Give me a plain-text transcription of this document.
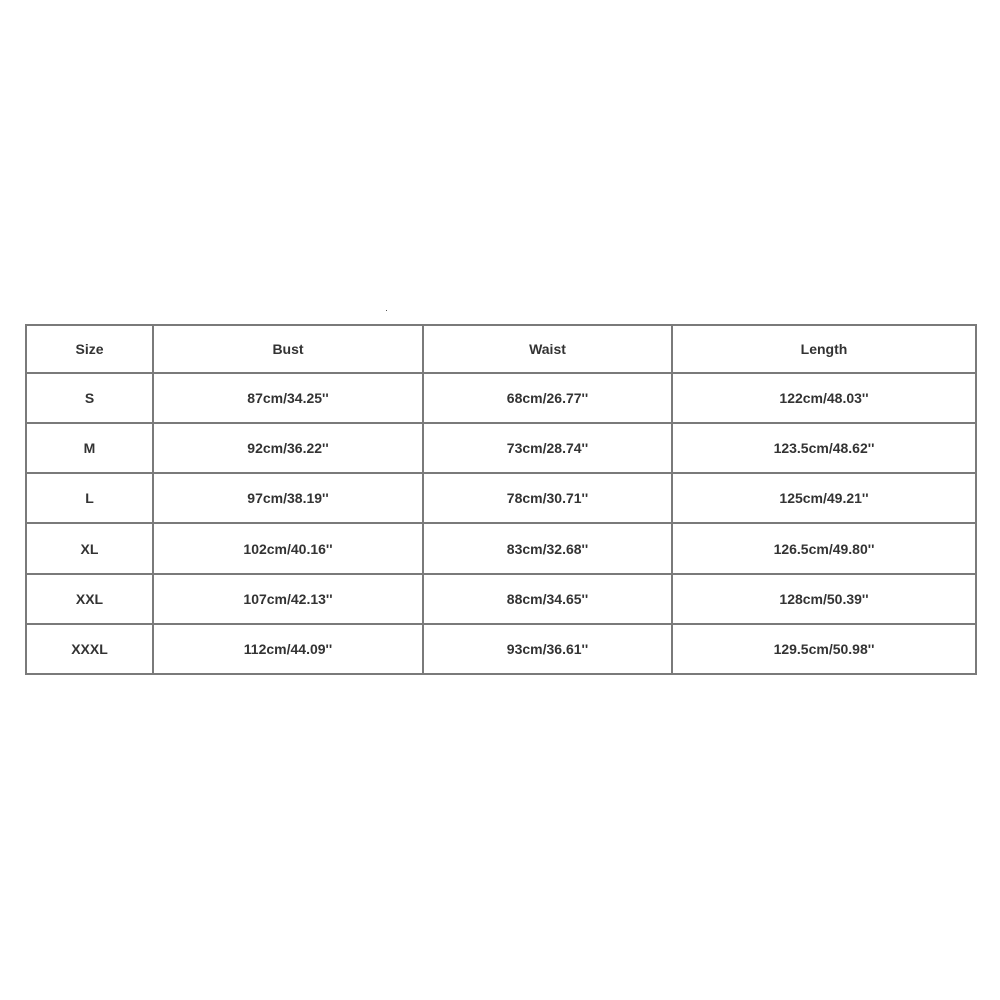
Size	Bust	Waist	Length
S	87cm/34.25''	68cm/26.77''	122cm/48.03''
M	92cm/36.22''	73cm/28.74''	123.5cm/48.62''
L	97cm/38.19''	78cm/30.71''	125cm/49.21''
XL	102cm/40.16''	83cm/32.68''	126.5cm/49.80''
XXL	107cm/42.13''	88cm/34.65''	128cm/50.39''
XXXL	112cm/44.09''	93cm/36.61''	129.5cm/50.98''
